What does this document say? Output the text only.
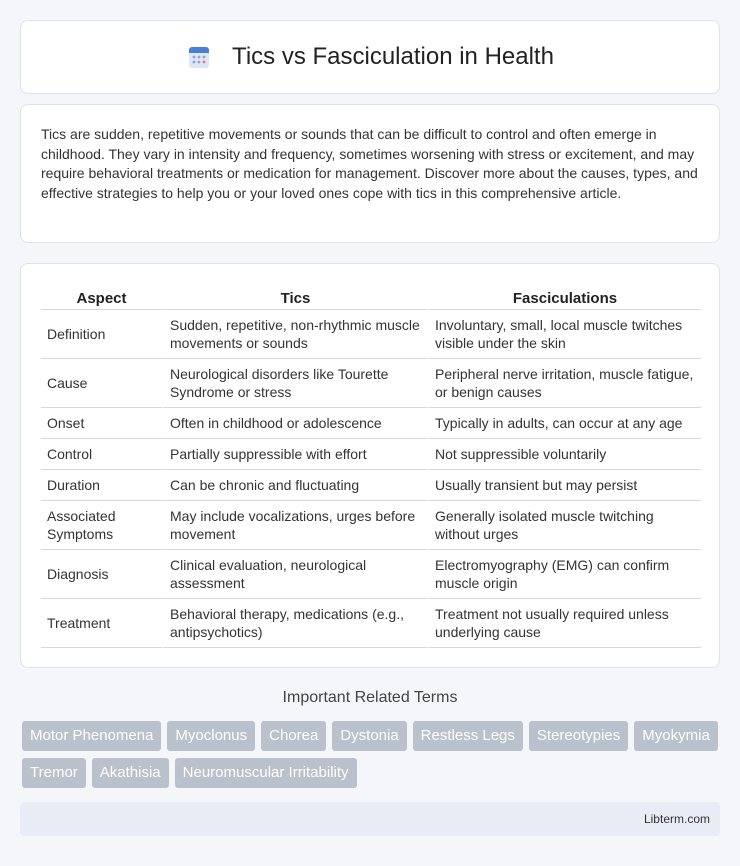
Tics vs Fasciculation in Health

Tics are sudden, repetitive movements or sounds that can be difficult to control and often emerge in childhood. They vary in intensity and frequency, sometimes worsening with stress or excitement, and may require behavioral treatments or medication for management. Discover more about the causes, types, and effective strategies to help you or your loved ones cope with tics in this comprehensive article.

Aspect	Tics	Fasciculations
Definition	Sudden, repetitive, non-rhythmic muscle movements or sounds	Involuntary, small, local muscle twitches visible under the skin
Cause	Neurological disorders like Tourette Syndrome or stress	Peripheral nerve irritation, muscle fatigue, or benign causes
Onset	Often in childhood or adolescence	Typically in adults, can occur at any age
Control	Partially suppressible with effort	Not suppressible voluntarily
Duration	Can be chronic and fluctuating	Usually transient but may persist
Associated Symptoms	May include vocalizations, urges before movement	Generally isolated muscle twitching without urges
Diagnosis	Clinical evaluation, neurological assessment	Electromyography (EMG) can confirm muscle origin
Treatment	Behavioral therapy, medications (e.g., antipsychotics)	Treatment not usually required unless underlying cause
Important Related Terms
Motor Phenomena	Myoclonus	Chorea	Dystonia	Restless Legs	Stereotypies	Myokymia
Tremor	Akathisia	Neuromuscular Irritability
Libterm.com
